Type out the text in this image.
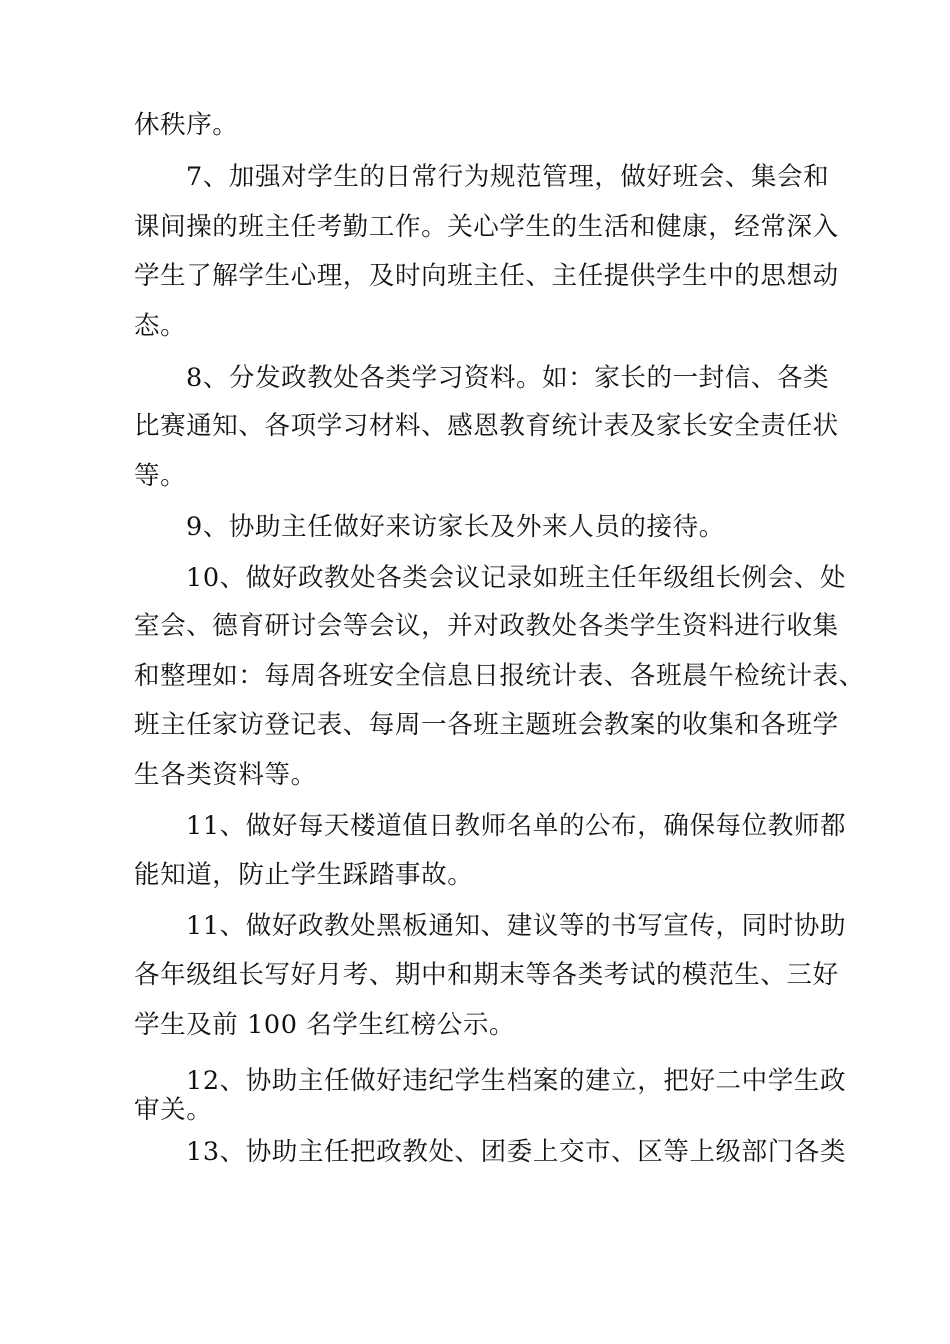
休秩序。
7、加强对学生的日常行为规范管理，做好班会、集会和
课间操的班主任考勤工作。关心学生的生活和健康，经常深入
学生了解学生心理，及时向班主任、主任提供学生中的思想动
态。
8、分发政教处各类学习资料。如：家长的一封信、各类
比赛通知、各项学习材料、感恩教育统计表及家长安全责任状
等。
9、协助主任做好来访家长及外来人员的接待。
10、做好政教处各类会议记录如班主任年级组长例会、处
室会、德育研讨会等会议，并对政教处各类学生资料进行收集
和整理如：每周各班安全信息日报统计表、各班晨午检统计表、
班主任家访登记表、每周一各班主题班会教案的收集和各班学
生各类资料等。
11、做好每天楼道值日教师名单的公布，确保每位教师都
能知道，防止学生踩踏事故。
11、做好政教处黑板通知、建议等的书写宣传，同时协助
各年级组长写好月考、期中和期末等各类考试的模范生、三好
学生及前 100 名学生红榜公示。
12、协助主任做好违纪学生档案的建立，把好二中学生政
审关。
13、协助主任把政教处、团委上交市、区等上级部门各类
